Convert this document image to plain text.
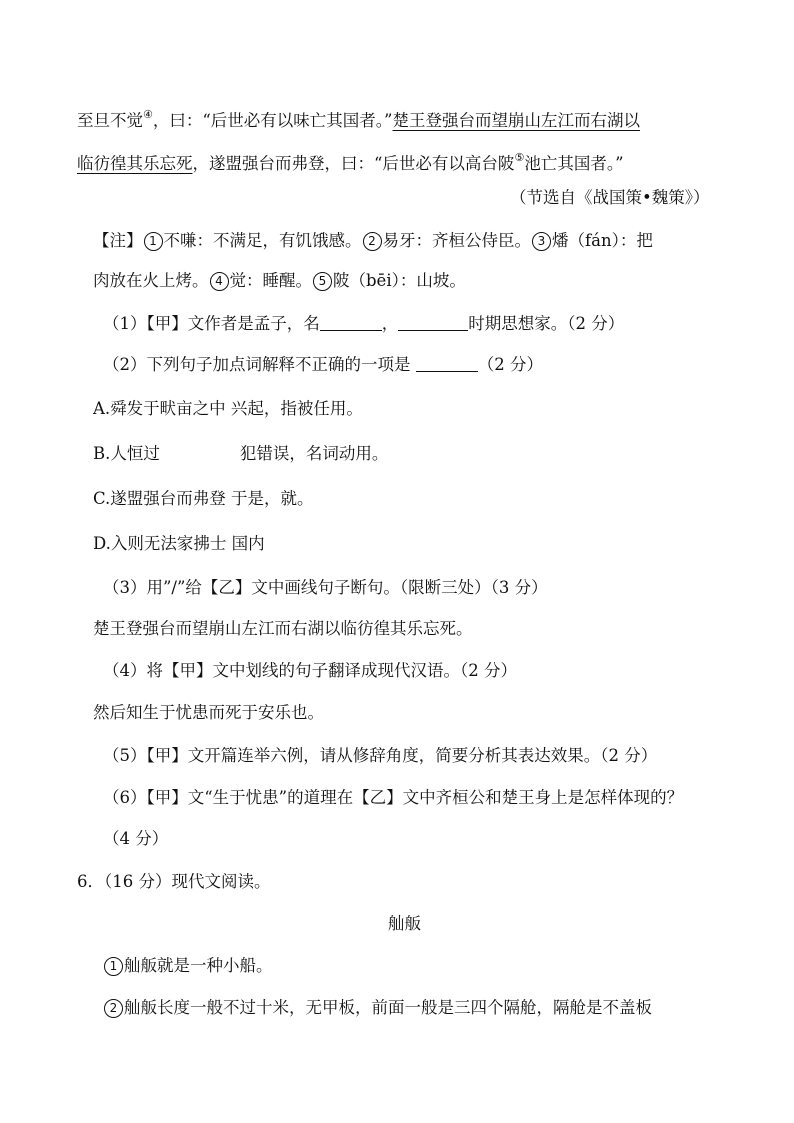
至旦不觉④，曰：“后世必有以味亡其国者。”楚王登强台而望崩山左江而右湖以
临彷徨其乐忘死，遂盟强台而弗登，曰：“后世必有以高台陂⑤池亡其国者。”
（节选自《战国策•魏策》）
【注】 1 不嗛：不满足，有饥饿感。 2 易牙：齐桓公侍臣。 3 燔（fán）：把
肉放在火上烤。 4 觉：睡醒。 5 陂（bēi）：山坡。
（1）【甲】文作者是孟子，名	，	时期思想家。（2 分）
（2）下列句子加点词解释不正确的一项是	（2 分）
A.舜发于畎亩之中 兴起，指被任用。
B.人恒过	犯错误，名词动用。
C.遂盟强台而弗登 于是，就。
D.入则无法家拂士 国内
（3）用”/”给【乙】文中画线句子断句。（限断三处）（3 分）
楚王登强台而望崩山左江而右湖以临彷徨其乐忘死。
（4）将【甲】文中划线的句子翻译成现代汉语。（2 分）
然后知生于忧患而死于安乐也。
（5）【甲】文开篇连举六例，请从修辞角度，简要分析其表达效果。（2 分）
（6）【甲】文“生于忧患”的道理在【乙】文中齐桓公和楚王身上是怎样体现的？
（4 分）
6．（16 分）现代文阅读。
舢舨
1 舢舨就是一种小船。
2 舢舨长度一般不过十米，无甲板，前面一般是三四个隔舱，隔舱是不盖板
